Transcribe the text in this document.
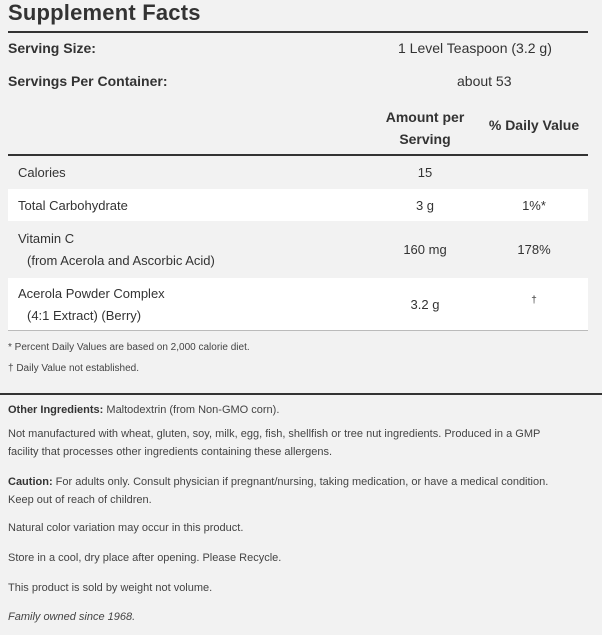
Supplement Facts
Serving Size:	1 Level Teaspoon (3.2 g)
Servings Per Container:	about 53
Amount per
Serving
% Daily Value
Calories	15
Total Carbohydrate	3 g	1%*
Vitamin C
(from Acerola and Ascorbic Acid)
160 mg	178%
Acerola Powder Complex
(4:1 Extract) (Berry)
3.2 g	†
* Percent Daily Values are based on 2,000 calorie diet.
† Daily Value not established.
Other Ingredients: Maltodextrin (from Non-GMO corn).
Not manufactured with wheat, gluten, soy, milk, egg, fish, shellfish or tree nut ingredients. Produced in a GMP facility that processes other ingredients containing these allergens.
Caution: For adults only. Consult physician if pregnant/nursing, taking medication, or have a medical condition. Keep out of reach of children.
Natural color variation may occur in this product.
Store in a cool, dry place after opening. Please Recycle.
This product is sold by weight not volume.
Family owned since 1968.
